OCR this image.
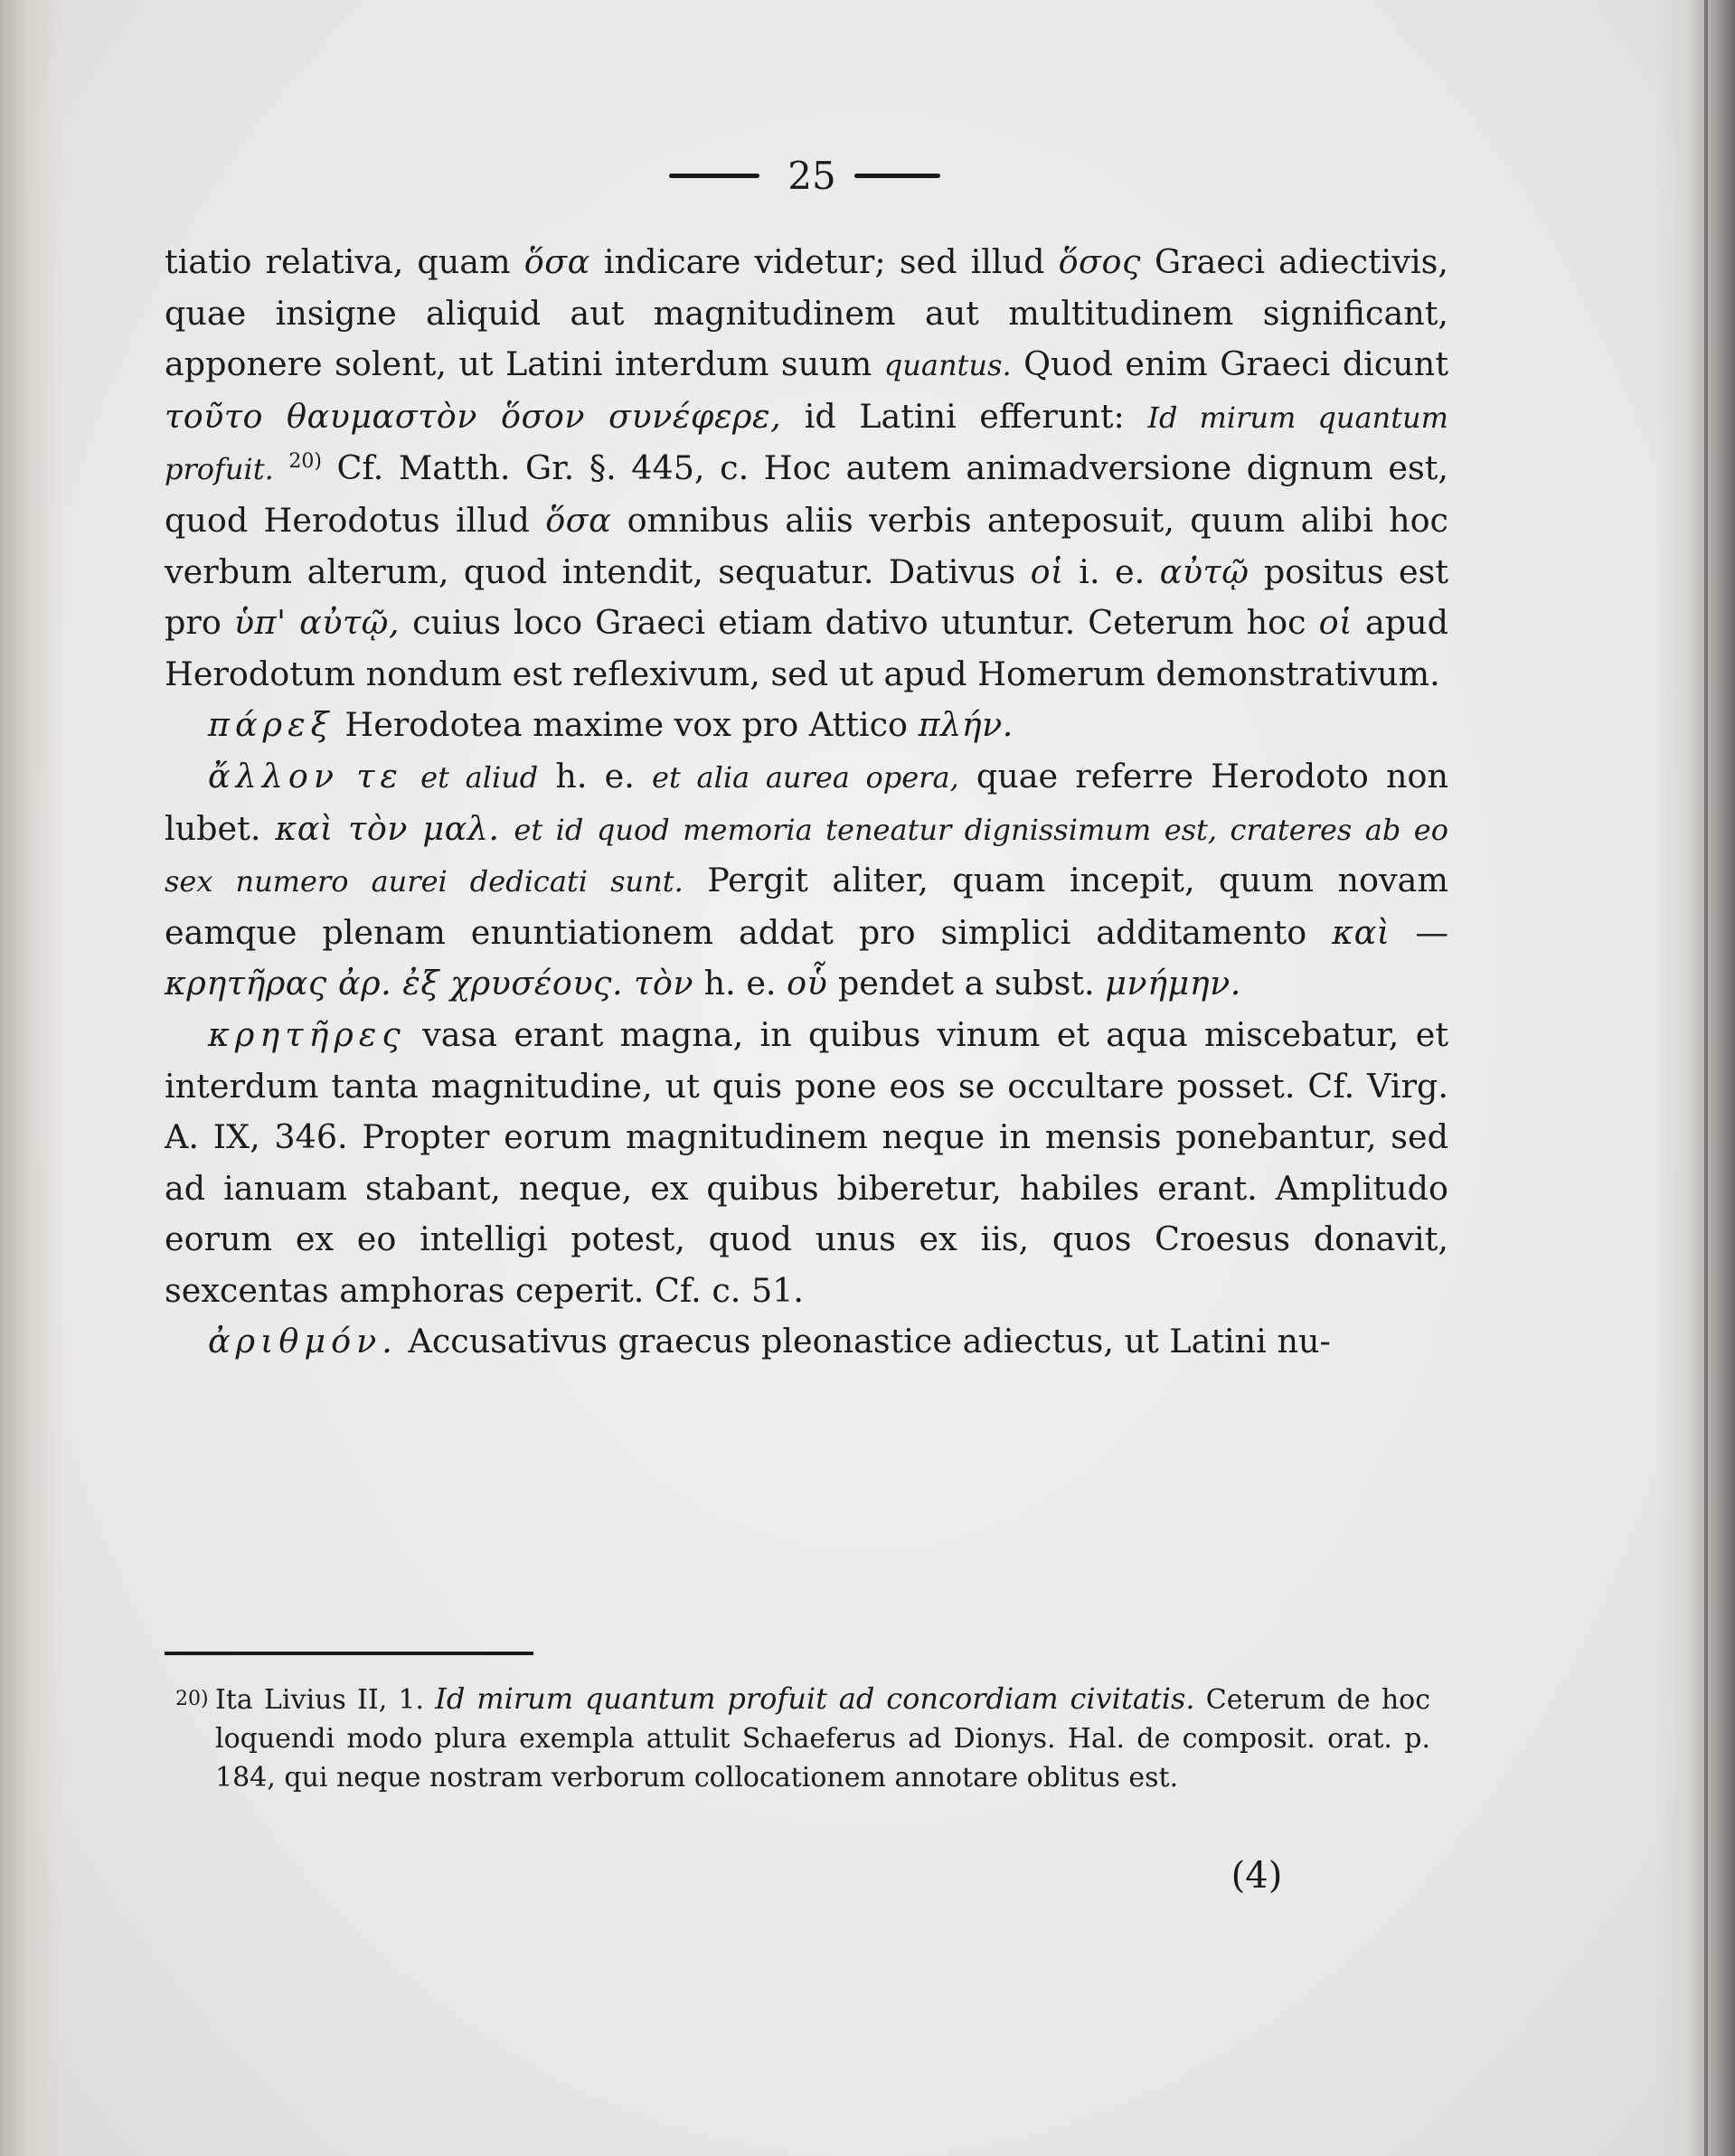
25

tiatio relativa, quam ὅσα indicare videtur; sed illud ὅσος Graeci adiectivis, quae insigne aliquid aut magnitudinem aut multitudinem significant, apponere solent, ut Latini interdum suum quantus. Quod enim Graeci dicunt τοῦτο θαυμαστὸν ὅσον συνέφερε, id Latini efferunt: Id mirum quantum profuit. $^{20)}$ Cf. Matth. Gr. §. 445, c. Hoc autem animadversione dignum est, quod Herodotus illud ὅσα omnibus aliis verbis anteposuit, quum alibi hoc verbum alterum, quod intendit, sequatur. Dativus οἱ i. e. αὐτῷ positus est pro ὑπ' αὐτῷ, cuius loco Graeci etiam dativo utuntur. Ceterum hoc οἱ apud Herodotum nondum est reflexivum, sed ut apud Homerum demonstrativum.

πάρεξ Herodotea maxime vox pro Attico πλήν.

ἄλλον τε et aliud h. e. et alia aurea opera, quae referre Herodoto non lubet. καὶ τὸν μαλ. et id quod memoria teneatur dignissimum est, crateres ab eo sex numero aurei dedicati sunt. Pergit aliter, quam incepit, quum novam eamque plenam enuntiationem addat pro simplici additamento καὶ — κρητῆρας ἀρ. ἐξ χρυσέους. τὸν h. e. οὗ pendet a subst. μνήμην.

κρητῆρες vasa erant magna, in quibus vinum et aqua miscebatur, et interdum tanta magnitudine, ut quis pone eos se occultare posset. Cf. Virg. A. IX, 346. Propter eorum magnitudinem neque in mensis ponebantur, sed ad ianuam stabant, neque, ex quibus biberetur, habiles erant. Amplitudo eorum ex eo intelligi potest, quod unus ex iis, quos Croesus donavit, sexcentas amphoras ceperit. Cf. c. 51.

ἀριθμόν. Accusativus graecus pleonastice adiectus, ut Latini nu-

20) Ita Livius II, 1. Id mirum quantum profuit ad concordiam civitatis. Ceterum de hoc loquendi modo plura exempla attulit Schaeferus ad Dionys. Hal. de composit. orat. p. 184, qui neque nostram verborum collocationem annotare oblitus est.

(4)
